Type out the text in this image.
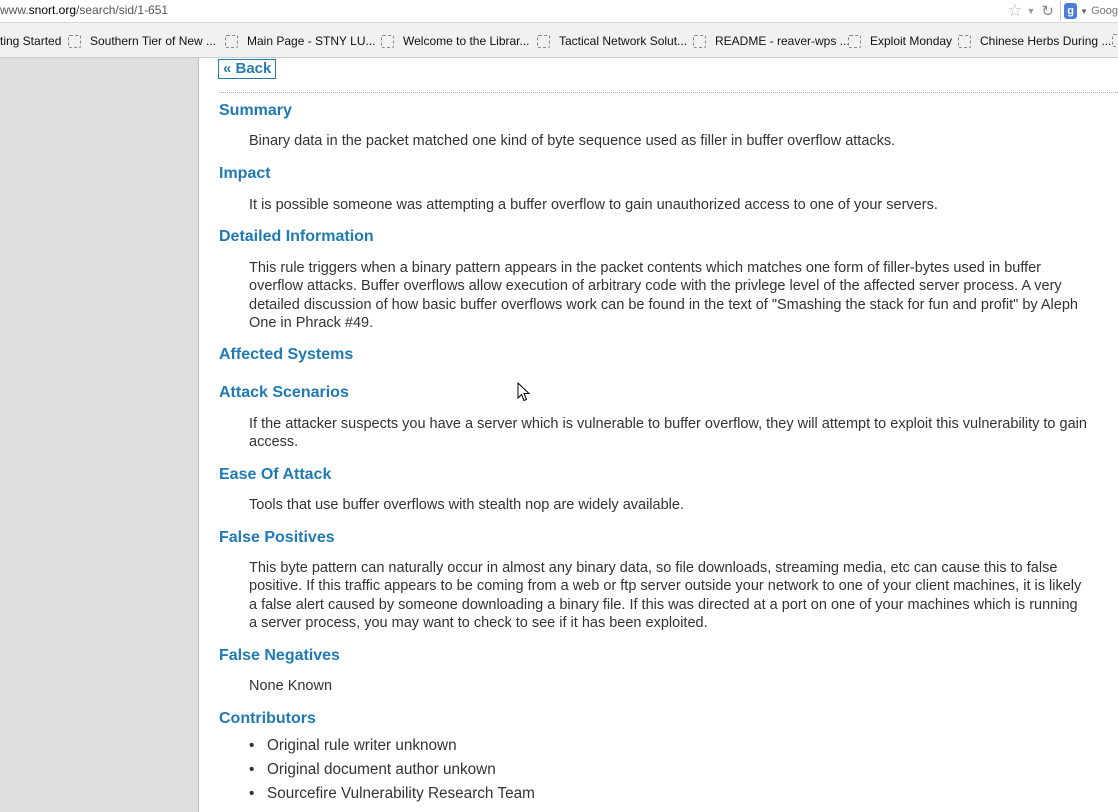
www.snort.org/search/sid/1-651	☆ ▼ ↻ g ▼ Goog
ting Started Southern Tier of New ...	Main Page - STNY LU... Welcome to the Librar... Tactical Network Solut... README - reaver-wps ... Exploit Monday Chinese Herbs During ...
« Back
Summary

Binary data in the packet matched one kind of byte sequence used as filler in buffer overflow attacks.

Impact

It is possible someone was attempting a buffer overflow to gain unauthorized access to one of your servers.

Detailed Information

This rule triggers when a binary pattern appears in the packet contents which matches one form of filler-bytes used in buffer overflow attacks. Buffer overflows allow execution of arbitrary code with the privlege level of the affected server process. A very detailed discussion of how basic buffer overflows work can be found in the text of "Smashing the stack for fun and profit" by Aleph One in Phrack #49.

Affected Systems
Attack Scenarios

If the attacker suspects you have a server which is vulnerable to buffer overflow, they will attempt to exploit this vulnerability to gain access.

Ease Of Attack

Tools that use buffer overflows with stealth nop are widely available.

False Positives

This byte pattern can naturally occur in almost any binary data, so file downloads, streaming media, etc can cause this to false positive. If this traffic appears to be coming from a web or ftp server outside your network to one of your client machines, it is likely a false alert caused by someone downloading a binary file. If this was directed at a port on one of your machines which is running a server process, you may want to check to see if it has been exploited.

False Negatives

None Known

Contributors
• Original rule writer unknown
• Original document author unkown
• Sourcefire Vulnerability Research Team
